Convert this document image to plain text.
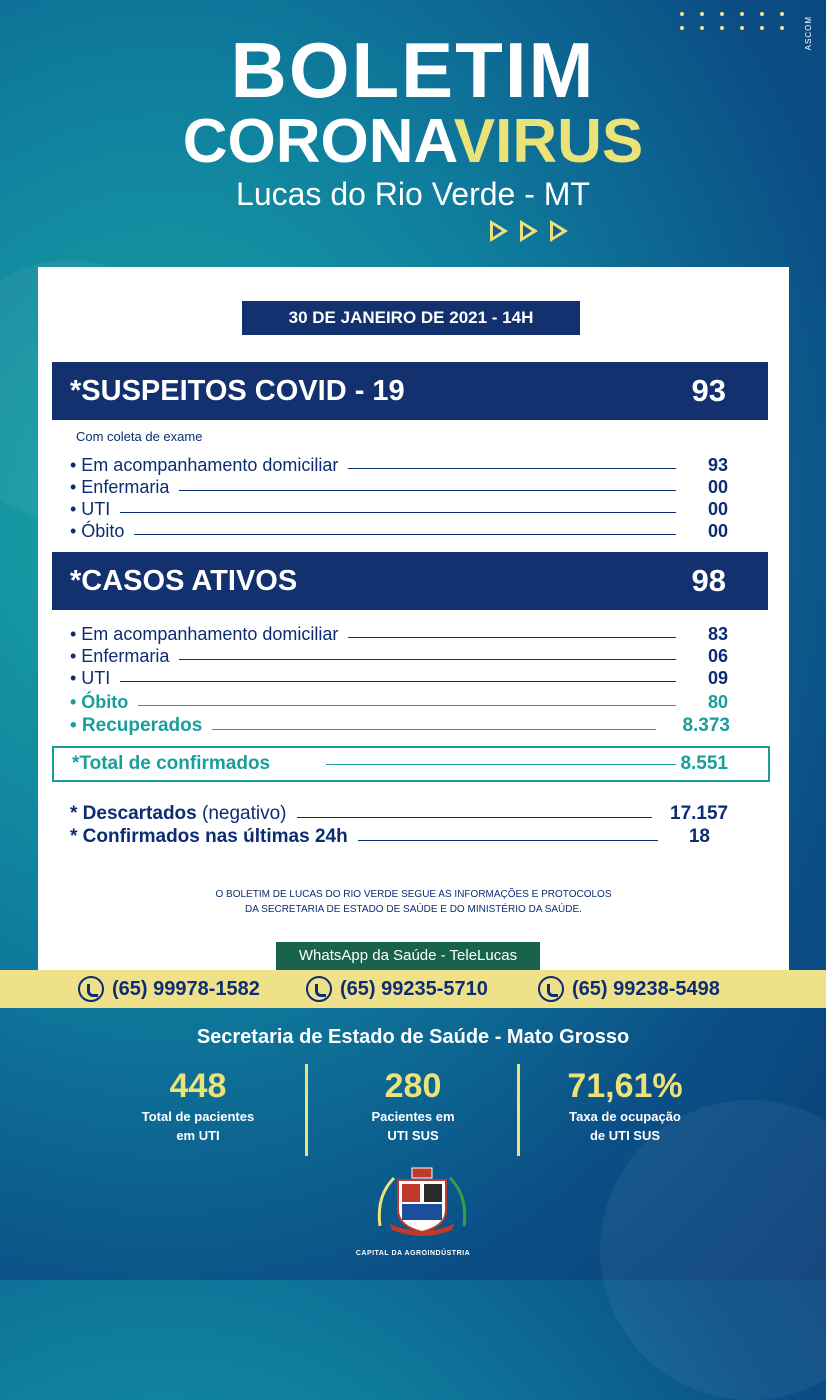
ASCOM
BOLETIM
CORONAVIRUS
Lucas do Rio Verde - MT
30 DE JANEIRO DE 2021 - 14H
*SUSPEITOS COVID - 19	93
Com coleta de exame
• Em acompanhamento domiciliar	93
• Enfermaria	00
• UTI	00
• Óbito	00
*CASOS ATIVOS	98
• Em acompanhamento domiciliar	83
• Enfermaria	06
• UTI	09
• Óbito	80
• Recuperados	8.373
*Total de confirmados	8.551
* Descartados (negativo)	17.157
* Confirmados nas últimas 24h	18
O BOLETIM DE LUCAS DO RIO VERDE SEGUE AS INFORMAÇÕES E PROTOCOLOS
DA SECRETARIA DE ESTADO DE SAÚDE E DO MINISTÉRIO DA SAÚDE.
WhatsApp da Saúde - TeleLucas
(65) 99978-1582	(65) 99235-5710	(65) 99238-5498
Secretaria de Estado de Saúde - Mato Grosso
448
Total de pacientes
em UTI
280
Pacientes em
UTI SUS
71,61%
Taxa de ocupação
de UTI SUS
CAPITAL DA AGROINDÚSTRIA
